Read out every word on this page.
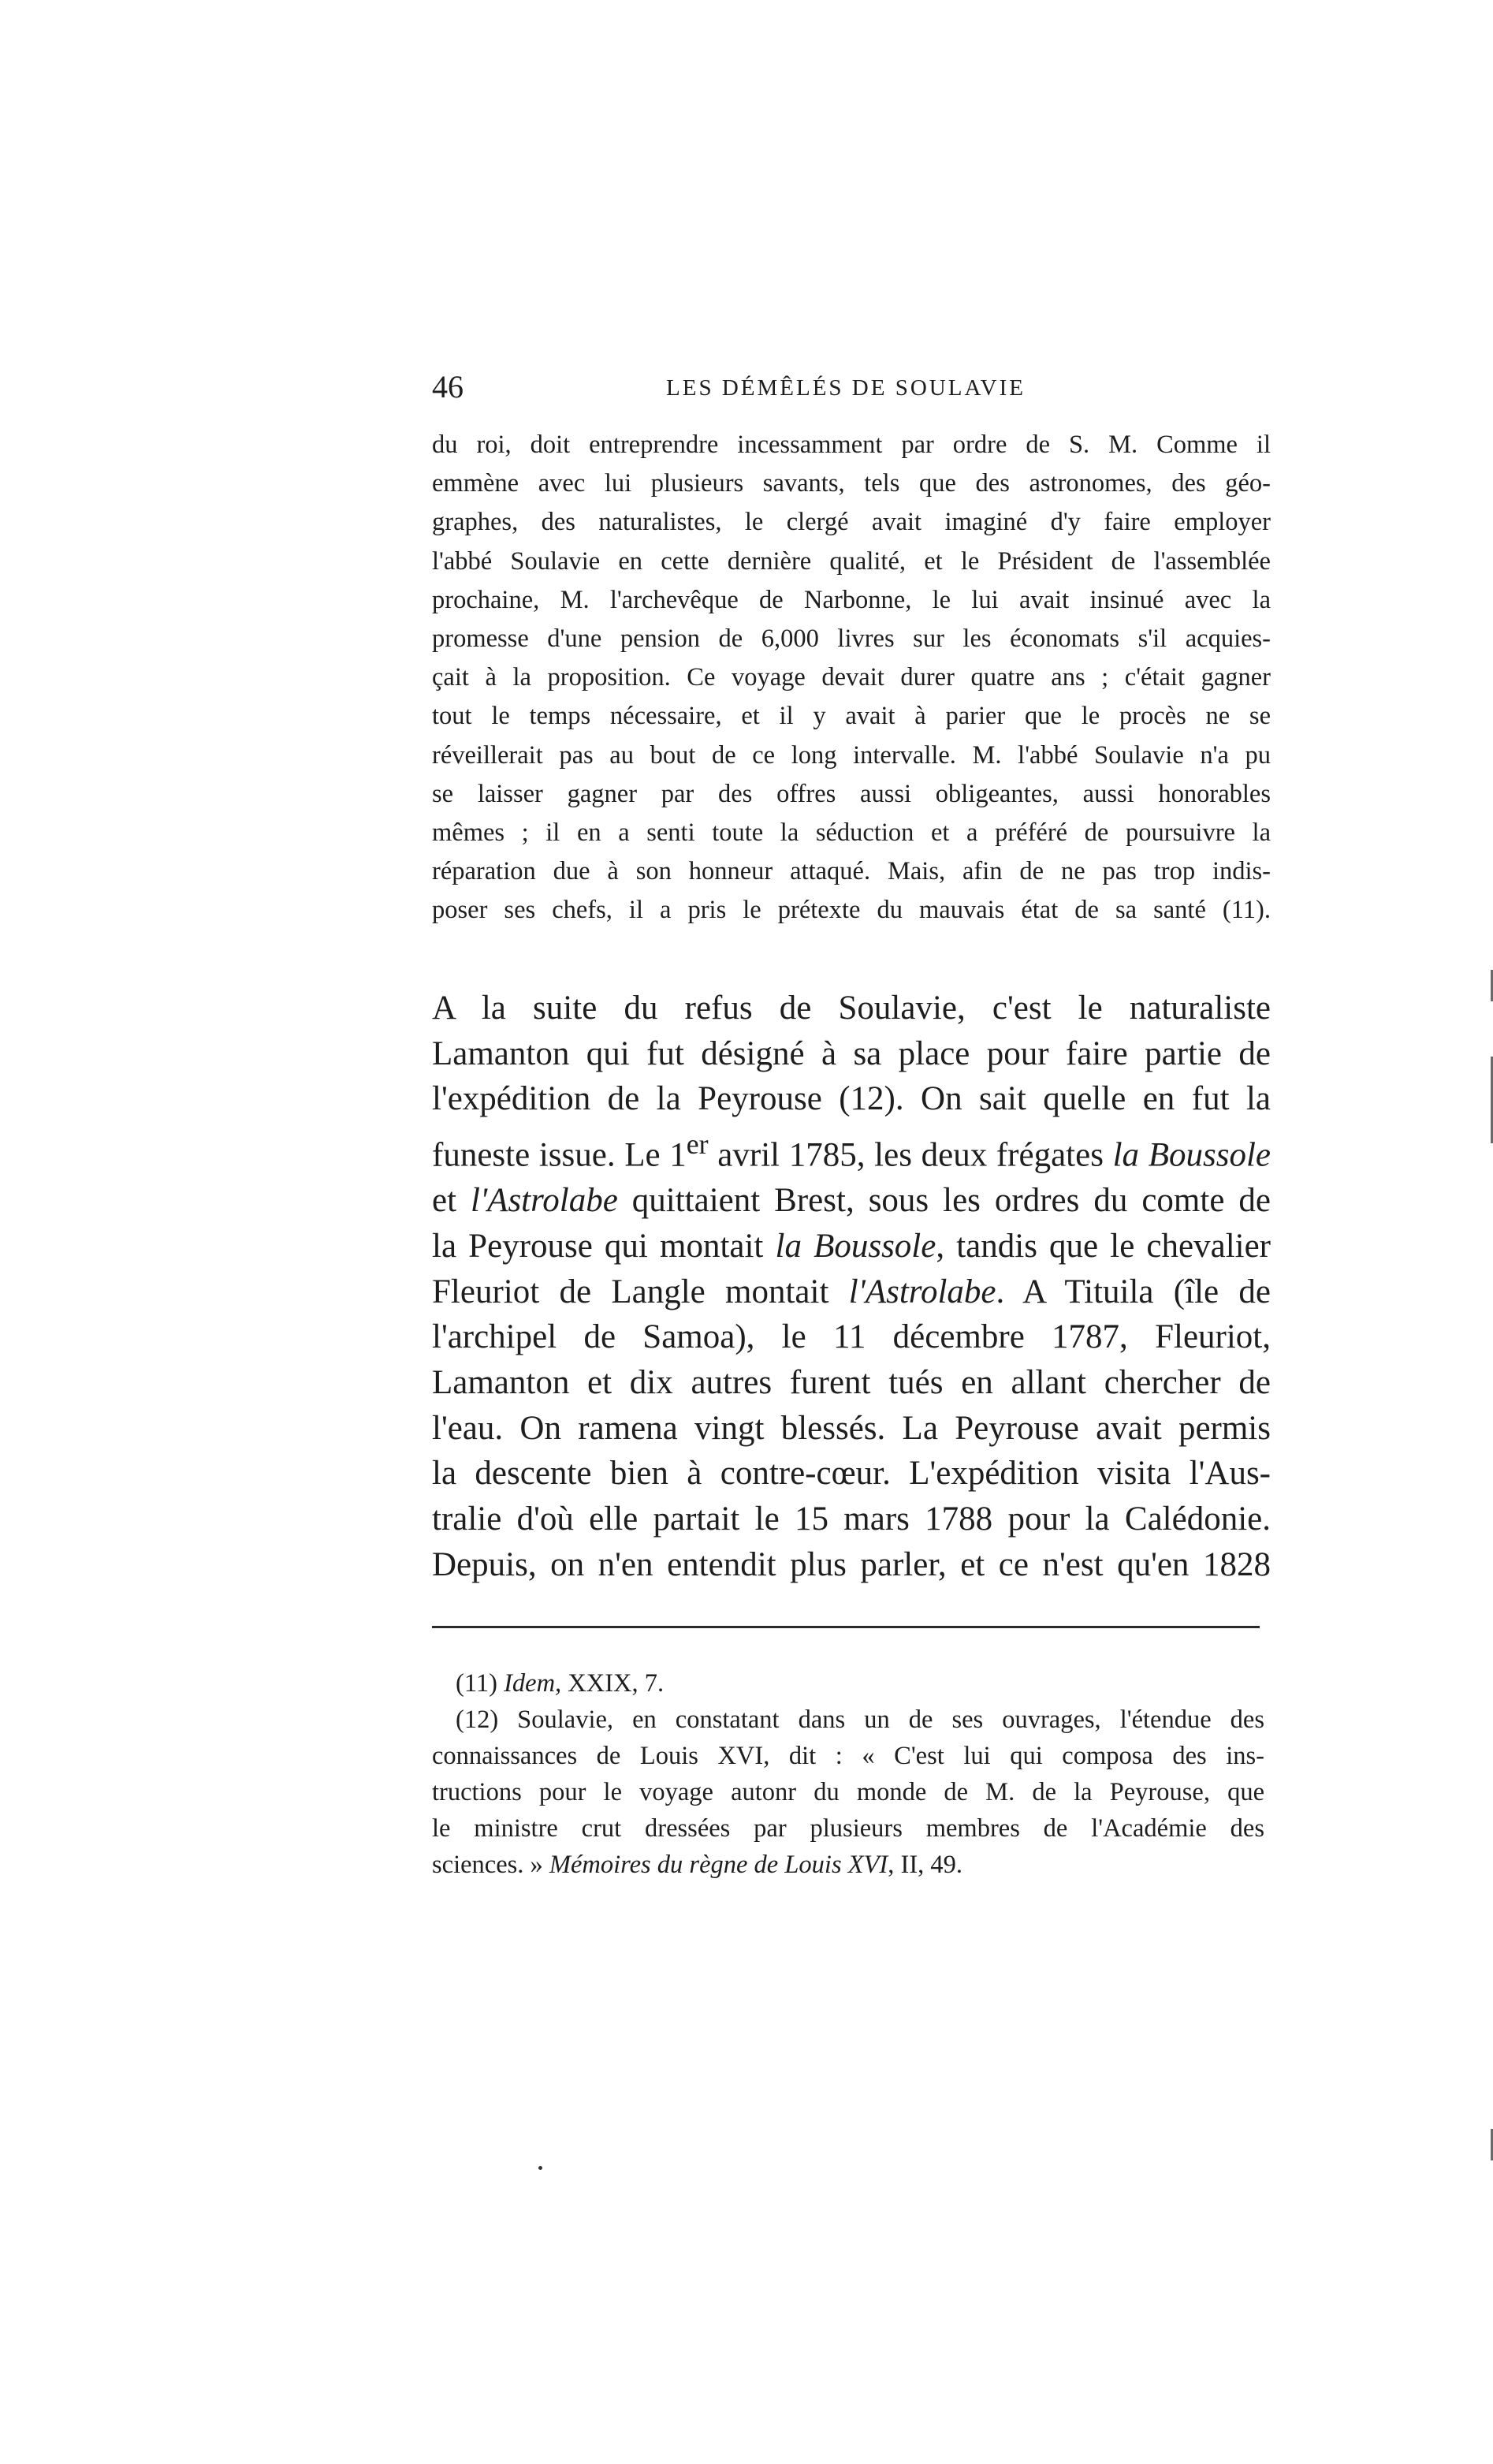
46	LES DÉMÊLÉS DE SOULAVIE
du roi, doit entreprendre incessamment par ordre de S. M. Comme il
emmène avec lui plusieurs savants, tels que des astronomes, des géo-
graphes, des naturalistes, le clergé avait imaginé d'y faire employer
l'abbé Soulavie en cette dernière qualité, et le Président de l'assemblée
prochaine, M. l'archevêque de Narbonne, le lui avait insinué avec la
promesse d'une pension de 6,000 livres sur les économats s'il acquies-
çait à la proposition. Ce voyage devait durer quatre ans ; c'était gagner
tout le temps nécessaire, et il y avait à parier que le procès ne se
réveillerait pas au bout de ce long intervalle. M. l'abbé Soulavie n'a pu
se laisser gagner par des offres aussi obligeantes, aussi honorables
mêmes ; il en a senti toute la séduction et a préféré de poursuivre la
réparation due à son honneur attaqué. Mais, afin de ne pas trop indis-
poser ses chefs, il a pris le prétexte du mauvais état de sa santé (11).
A la suite du refus de Soulavie, c'est le naturaliste
Lamanton qui fut désigné à sa place pour faire partie de
l'expédition de la Peyrouse (12). On sait quelle en fut la
funeste issue. Le 1er avril 1785, les deux frégates la Boussole
et l'Astrolabe quittaient Brest, sous les ordres du comte de
la Peyrouse qui montait la Boussole, tandis que le chevalier
Fleuriot de Langle montait l'Astrolabe. A Tituila (île de
l'archipel de Samoa), le 11 décembre 1787, Fleuriot,
Lamanton et dix autres furent tués en allant chercher de
l'eau. On ramena vingt blessés. La Peyrouse avait permis
la descente bien à contre-cœur. L'expédition visita l'Aus-
tralie d'où elle partait le 15 mars 1788 pour la Calédonie.
Depuis, on n'en entendit plus parler, et ce n'est qu'en 1828
(11) Idem, XXIX, 7.
(12) Soulavie, en constatant dans un de ses ouvrages, l'étendue des
connaissances de Louis XVI, dit : « C'est lui qui composa des ins-
tructions pour le voyage autonr du monde de M. de la Peyrouse, que
le ministre crut dressées par plusieurs membres de l'Académie des
sciences. » Mémoires du règne de Louis XVI, II, 49.
